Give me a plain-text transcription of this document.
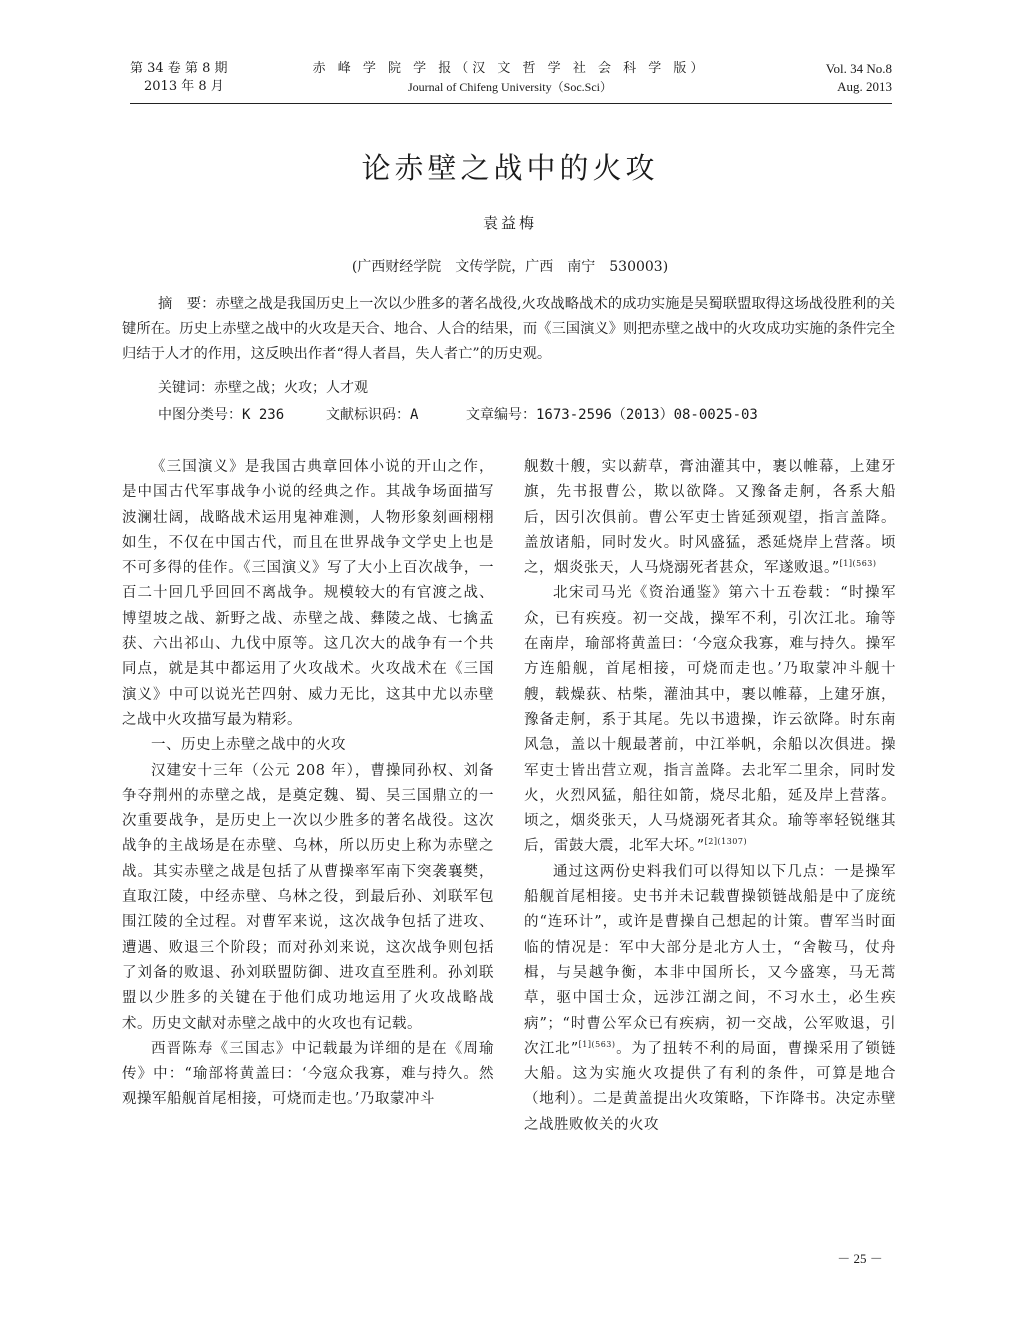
第 34 卷 第 8 期
2013 年 8 月
赤 峰 学 院 学 报（汉 文 哲 学 社 会 科 学 版）
Journal of Chifeng University（Soc.Sci）
Vol. 34 No.8
Aug. 2013
论赤壁之战中的火攻
袁益梅
(广西财经学院　文传学院，广西　南宁　530003)
摘　要：赤壁之战是我国历史上一次以少胜多的著名战役,火攻战略战术的成功实施是吴蜀联盟取得这场战役胜利的关键所在。历史上赤壁之战中的火攻是天合、地合、人合的结果，而《三国演义》则把赤壁之战中的火攻成功实施的条件完全归结于人才的作用，这反映出作者“得人者昌，失人者亡”的历史观。
关键词：赤壁之战；火攻；人才观
中图分类号：K 236	文献标识码：A	文章编号：1673-2596（2013）08-0025-03

《三国演义》是我国古典章回体小说的开山之作，是中国古代军事战争小说的经典之作。其战争场面描写波澜壮阔，战略战术运用鬼神难测，人物形象刻画栩栩如生，不仅在中国古代，而且在世界战争文学史上也是不可多得的佳作。《三国演义》写了大小上百次战争，一百二十回几乎回回不离战争。规模较大的有官渡之战、博望坡之战、新野之战、赤壁之战、彝陵之战、七擒孟获、六出祁山、九伐中原等。这几次大的战争有一个共同点，就是其中都运用了火攻战术。火攻战术在《三国演义》中可以说光芒四射、威力无比，这其中尤以赤壁之战中火攻描写最为精彩。

一、历史上赤壁之战中的火攻

汉建安十三年（公元 208 年），曹操同孙权、刘备争夺荆州的赤壁之战，是奠定魏、蜀、吴三国鼎立的一次重要战争，是历史上一次以少胜多的著名战役。这次战争的主战场是在赤壁、乌林，所以历史上称为赤壁之战。其实赤壁之战是包括了从曹操率军南下突袭襄樊，直取江陵，中经赤壁、乌林之役，到最后孙、刘联军包围江陵的全过程。对曹军来说，这次战争包括了进攻、遭遇、败退三个阶段；而对孙刘来说，这次战争则包括了刘备的败退、孙刘联盟防御、进攻直至胜利。孙刘联盟以少胜多的关键在于他们成功地运用了火攻战略战术。历史文献对赤壁之战中的火攻也有记载。

西晋陈寿《三国志》中记载最为详细的是在《周瑜传》中：“瑜部将黄盖曰：‘今寇众我寡，难与持久。然观操军船舰首尾相接，可烧而走也。’乃取蒙冲斗

舰数十艘，实以薪草，膏油灌其中，裹以帷幕，上建牙旗，先书报曹公，欺以欲降。又豫备走舸，各系大船后，因引次俱前。曹公军吏士皆延颈观望，指言盖降。盖放诸船，同时发火。时风盛猛，悉延烧岸上营落。顷之，烟炎张天，人马烧溺死者甚众，军遂败退。”$^{[1](563)}$

北宋司马光《资治通鉴》第六十五卷载：“时操军众，已有疾疫。初一交战，操军不利，引次江北。瑜等在南岸，瑜部将黄盖曰：‘今寇众我寡，难与持久。操军方连船舰，首尾相接，可烧而走也。’乃取蒙冲斗舰十艘，载燥荻、枯柴，灌油其中，裹以帷幕，上建牙旗，豫备走舸，系于其尾。先以书遗操，诈云欲降。时东南风急，盖以十舰最著前，中江举帆，余船以次俱进。操军吏士皆出营立观，指言盖降。去北军二里余，同时发火，火烈风猛，船往如箭，烧尽北船，延及岸上营落。顷之，烟炎张天，人马烧溺死者其众。瑜等率轻锐继其后，雷鼓大震，北军大坏。”$^{[2](1307)}$

通过这两份史料我们可以得知以下几点：一是操军船舰首尾相接。史书并未记载曹操锁链战船是中了庞统的“连环计”，或许是曹操自己想起的计策。曹军当时面临的情况是：军中大部分是北方人士，“舍鞍马，仗舟楫，与吴越争衡，本非中国所长，又今盛寒，马无蒿草，驱中国士众，远涉江湖之间，不习水土，必生疾病”；“时曹公军众已有疾病，初一交战，公军败退，引次江北”$^{[1](563)}$。为了扭转不利的局面，曹操采用了锁链大船。这为实施火攻提供了有利的条件，可算是地合（地利）。二是黄盖提出火攻策略，下诈降书。决定赤壁之战胜败攸关的火攻

－ 25 －
